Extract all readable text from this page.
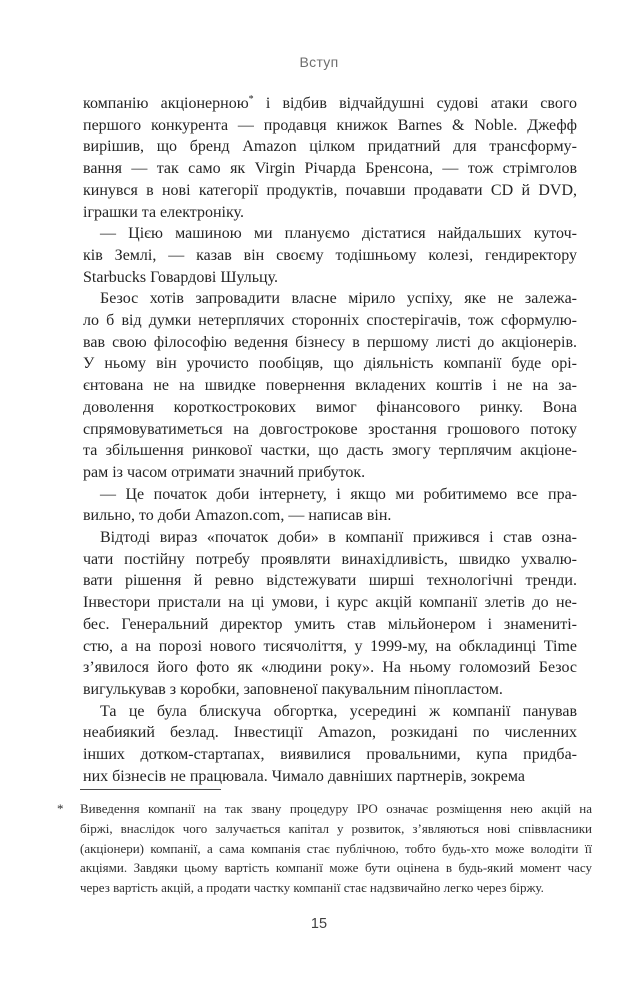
Вступ
компанію акціонерною* і відбив відчайдушні судові атаки свого
першого конкурента — продавця книжок Barnes & Noble. Джефф
вирішив, що бренд Amazon цілком придатний для трансформу-
вання — так само як Virgin Річарда Бренсона, — тож стрімголов
кинувся в нові категорії продуктів, почавши продавати CD й DVD,
іграшки та електроніку.
— Цією машиною ми плануємо дістатися найдальших куточ-
ків Землі, — казав він своєму тодішньому колезі, гендиректору
Starbucks Говардові Шульцу.
Безос хотів запровадити власне мірило успіху, яке не залежа-
ло б від думки нетерплячих сторонніх спостерігачів, тож сформулю-
вав свою філософію ведення бізнесу в першому листі до акціонерів.
У ньому він урочисто пообіцяв, що діяльність компанії буде орі-
єнтована не на швидке повернення вкладених коштів і не на за-
доволення короткострокових вимог фінансового ринку. Вона
спрямовуватиметься на довгострокове зростання грошового потоку
та збільшення ринкової частки, що дасть змогу терплячим акціоне-
рам із часом отримати значний прибуток.
— Це початок доби інтернету, і якщо ми робитимемо все пра-
вильно, то доби Amazon.com, — написав він.
Відтоді вираз «початок доби» в компанії прижився і став озна-
чати постійну потребу проявляти винахідливість, швидко ухвалю-
вати рішення й ревно відстежувати ширші технологічні тренди.
Інвестори пристали на ці умови, і курс акцій компанії злетів до не-
бес. Генеральний директор умить став мільйонером і знамениті-
стю, а на порозі нового тисячоліття, у 1999-му, на обкладинці Time
з’явилося його фото як «людини року». На ньому голомозий Безос
вигулькував з коробки, заповненої пакувальним пінопластом.
Та це була блискуча обгортка, усередині ж компанії панував
неабиякий безлад. Інвестиції Amazon, розкидані по численних
інших дотком-стартапах, виявилися провальними, купа придба-
них бізнесів не працювала. Чимало давніших партнерів, зокрема
* Виведення компанії на так звану процедуру IPO означає розміщення нею акцій на
біржі, внаслідок чого залучається капітал у розвиток, з’являються нові співвласники
(акціонери) компанії, а сама компанія стає публічною, тобто будь-хто може володіти її
акціями. Завдяки цьому вартість компанії може бути оцінена в будь-який момент часу
через вартість акцій, а продати частку компанії стає надзвичайно легко через біржу.
15
